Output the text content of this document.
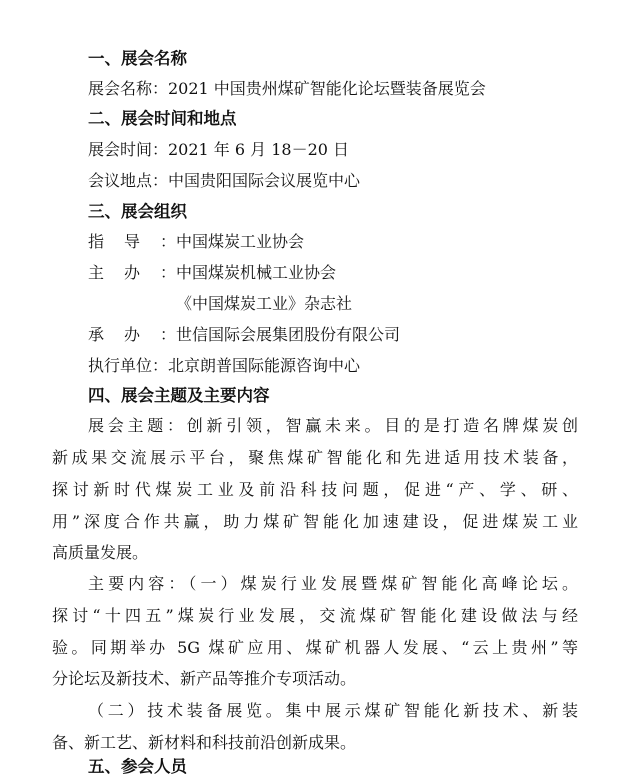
一、展会名称
展会名称：2021 中国贵州煤矿智能化论坛暨装备展览会
二、展会时间和地点
展会时间：2021 年 6 月 18－20 日
会议地点：中国贵阳国际会议展览中心
三、展会组织
指导：中国煤炭工业协会
主办：中国煤炭机械工业协会
《中国煤炭工业》杂志社
承办：世信国际会展集团股份有限公司
执行单位：北京朗普国际能源咨询中心
四、展会主题及主要内容
展会主题：创新引领，智赢未来。目的是打造名牌煤炭创
新成果交流展示平台，聚焦煤矿智能化和先进适用技术装备，
探讨新时代煤炭工业及前沿科技问题，促进“产、学、研、
用”深度合作共赢，助力煤矿智能化加速建设，促进煤炭工业
高质量发展。
主要内容：（一）煤炭行业发展暨煤矿智能化高峰论坛。
探讨“十四五”煤炭行业发展，交流煤矿智能化建设做法与经
验。同期举办 5G 煤矿应用、煤矿机器人发展、“云上贵州”等
分论坛及新技术、新产品等推介专项活动。
（二）技术装备展览。集中展示煤矿智能化新技术、新装
备、新工艺、新材料和科技前沿创新成果。
五、参会人员
